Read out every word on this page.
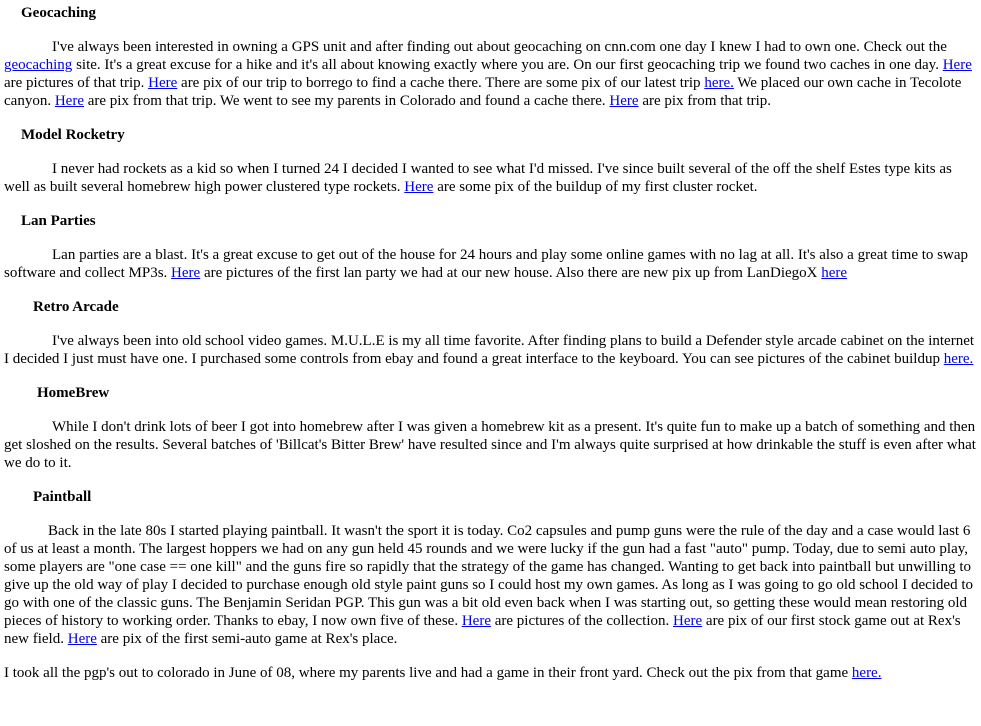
Geocaching

I've always been interested in owning a GPS unit and after finding out about geocaching on cnn.com one day I knew I had to own one. Check out the geocaching site. It's a great excuse for a hike and it's all about knowing exactly where you are. On our first geocaching trip we found two caches in one day. Here are pictures of that trip. Here are pix of our trip to borrego to find a cache there. There are some pix of our latest trip here. We placed our own cache in Tecolote canyon. Here are pix from that trip. We went to see my parents in Colorado and found a cache there. Here are pix from that trip.

Model Rocketry

I never had rockets as a kid so when I turned 24 I decided I wanted to see what I'd missed. I've since built several of the off the shelf Estes type kits as well as built several homebrew high power clustered type rockets. Here are some pix of the buildup of my first cluster rocket.

Lan Parties

Lan parties are a blast. It's a great excuse to get out of the house for 24 hours and play some online games with no lag at all. It's also a great time to swap software and collect MP3s. Here are pictures of the first lan party we had at our new house. Also there are new pix up from LanDiegoX here

Retro Arcade

I've always been into old school video games. M.U.L.E is my all time favorite. After finding plans to build a Defender style arcade cabinet on the internet I decided I just must have one. I purchased some controls from ebay and found a great interface to the keyboard. You can see pictures of the cabinet buildup here.

HomeBrew

While I don't drink lots of beer I got into homebrew after I was given a homebrew kit as a present. It's quite fun to make up a batch of something and then get sloshed on the results. Several batches of 'Billcat's Bitter Brew' have resulted since and I'm always quite surprised at how drinkable the stuff is even after what we do to it.

Paintball

Back in the late 80s I started playing paintball. It wasn't the sport it is today. Co2 capsules and pump guns were the rule of the day and a case would last 6 of us at least a month. The largest hoppers we had on any gun held 45 rounds and we were lucky if the gun had a fast "auto" pump. Today, due to semi auto play, some players are "one case == one kill" and the guns fire so rapidly that the strategy of the game has changed. Wanting to get back into paintball but unwilling to give up the old way of play I decided to purchase enough old style paint guns so I could host my own games. As long as I was going to go old school I decided to go with one of the classic guns. The Benjamin Seridan PGP. This gun was a bit old even back when I was starting out, so getting these would mean restoring old pieces of history to working order. Thanks to ebay, I now own five of these. Here are pictures of the collection. Here are pix of our first stock game out at Rex's new field. Here are pix of the first semi-auto game at Rex's place.

I took all the pgp's out to colorado in June of 08, where my parents live and had a game in their front yard. Check out the pix from that game here.
